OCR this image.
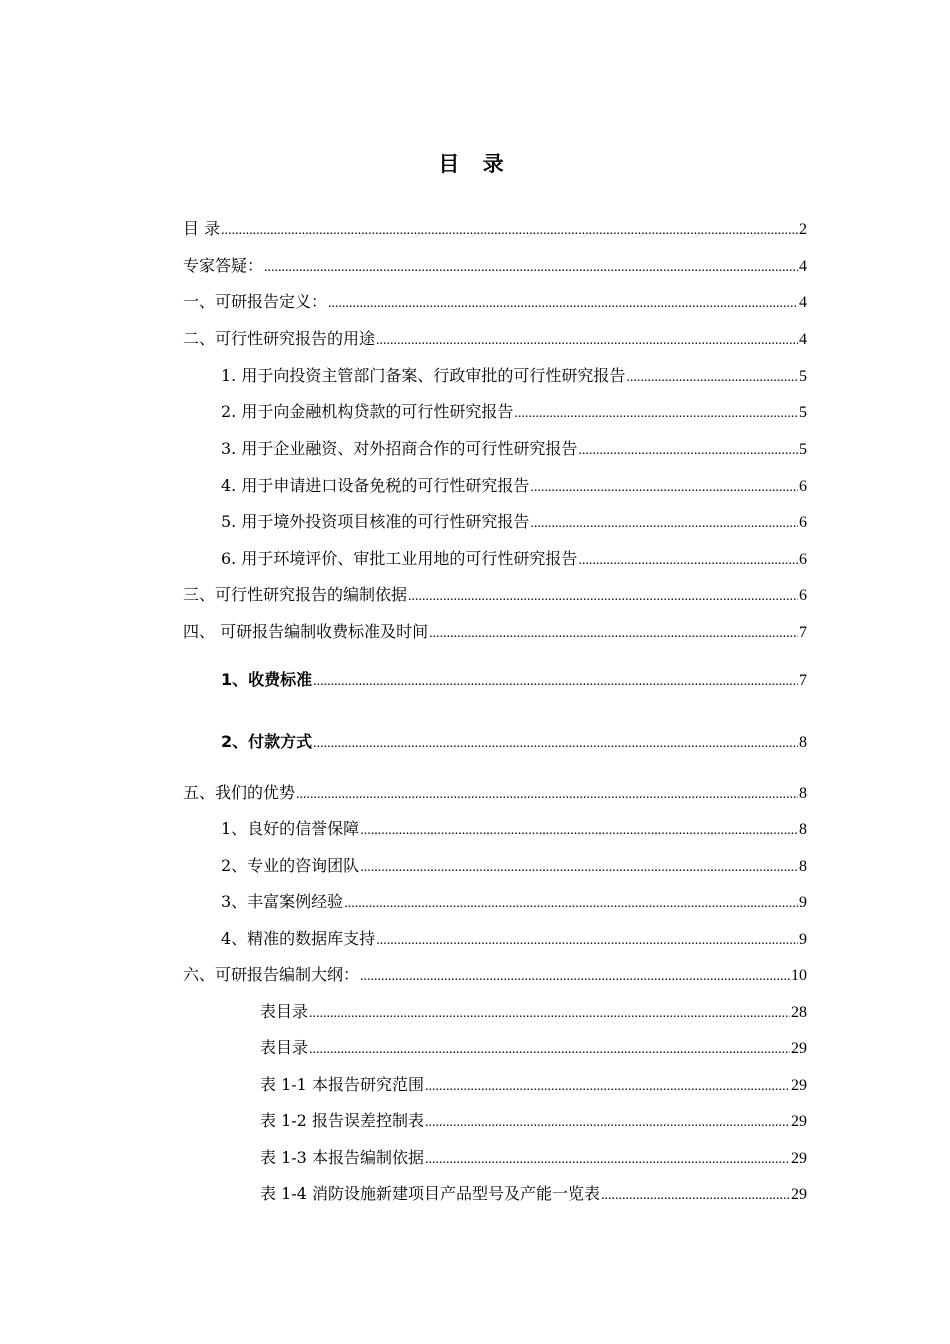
目 录
目 录 .....	2
专家答疑： .....	4
一、可研报告定义： .....	4
二、可行性研究报告的用途 .....	4
1. 用于向投资主管部门备案、行政审批的可行性研究报告 .....	5
2. 用于向金融机构贷款的可行性研究报告 .....	5
3. 用于企业融资、对外招商合作的可行性研究报告 .....	5
4. 用于申请进口设备免税的可行性研究报告 .....	6
5. 用于境外投资项目核准的可行性研究报告 .....	6
6. 用于环境评价、审批工业用地的可行性研究报告 .....	6
三、可行性研究报告的编制依据 .....	6
四、 可研报告编制收费标准及时间 .....	7
1、收费标准 .....	7
2、付款方式 .....	8
五、我们的优势 .....	8
1、良好的信誉保障 .....	8
2、专业的咨询团队 .....	8
3、丰富案例经验 .....	9
4、精准的数据库支持 .....	9
六、可研报告编制大纲： .....	10
表目录 .....	28
表目录 .....	29
表 1-1 本报告研究范围 .....	29
表 1-2 报告误差控制表 .....	29
表 1-3 本报告编制依据 .....	29
表 1-4 消防设施新建项目产品型号及产能一览表 .....	29
